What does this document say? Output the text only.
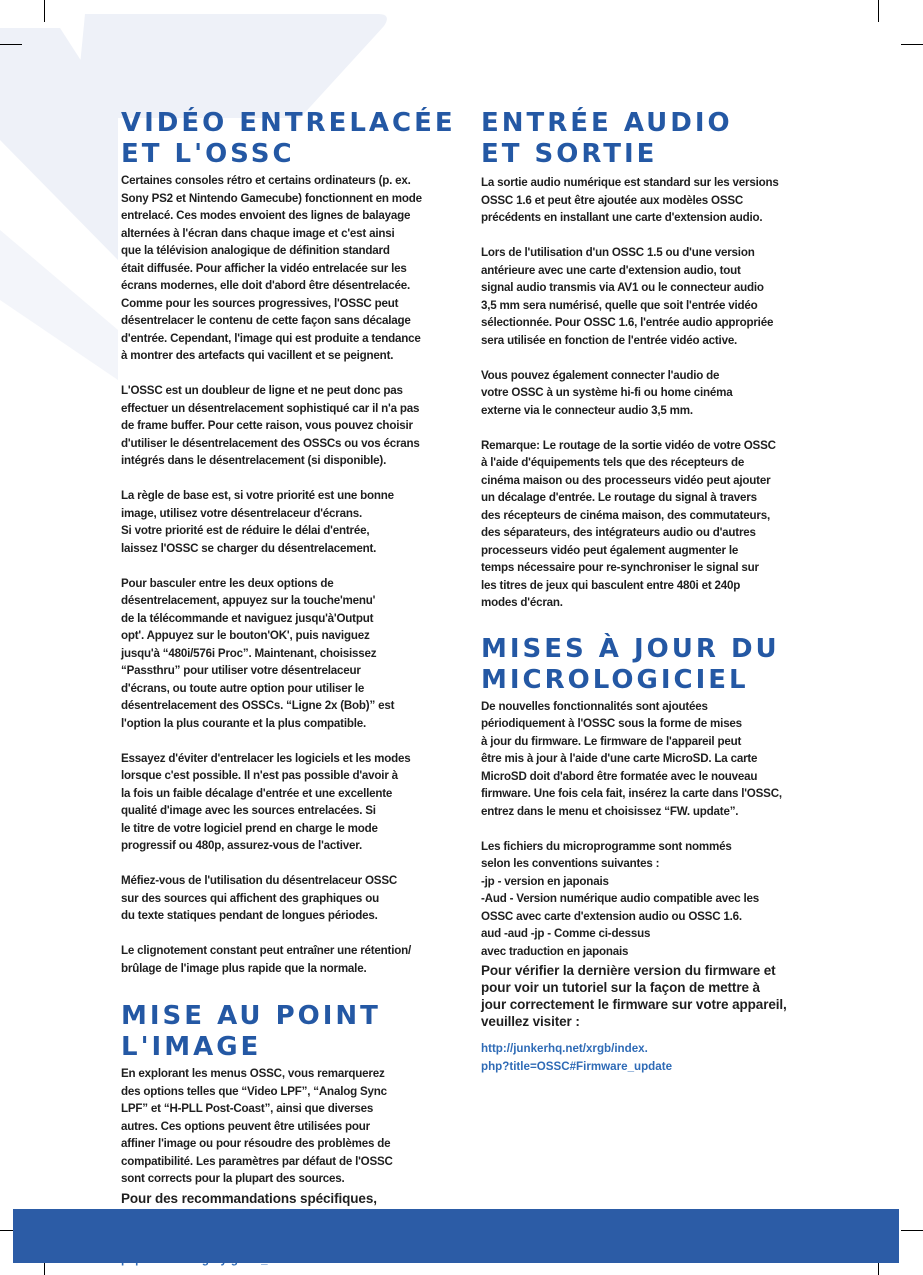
VIDÉO ENTRELACÉE
ET L'OSSC

Certaines consoles rétro et certains ordinateurs (p. ex.
Sony PS2 et Nintendo Gamecube) fonctionnent en mode
entrelacé. Ces modes envoient des lignes de balayage
alternées à l'écran dans chaque image et c'est ainsi
que la télévision analogique de définition standard
était diffusée. Pour afficher la vidéo entrelacée sur les
écrans modernes, elle doit d'abord être désentrelacée.
Comme pour les sources progressives, l'OSSC peut
désentrelacer le contenu de cette façon sans décalage
d'entrée. Cependant, l'image qui est produite a tendance
à montrer des artefacts qui vacillent et se peignent.

L'OSSC est un doubleur de ligne et ne peut donc pas
effectuer un désentrelacement sophistiqué car il n'a pas
de frame buffer. Pour cette raison, vous pouvez choisir
d'utiliser le désentrelacement des OSSCs ou vos écrans
intégrés dans le désentrelacement (si disponible).

La règle de base est, si votre priorité est une bonne
image, utilisez votre désentrelaceur d'écrans.
Si votre priorité est de réduire le délai d'entrée,
laissez l'OSSC se charger du désentrelacement.

Pour basculer entre les deux options de
désentrelacement, appuyez sur la touche'menu'
de la télécommande et naviguez jusqu'à'Output
opt'. Appuyez sur le bouton'OK', puis naviguez
jusqu'à “480i/576i Proc”. Maintenant, choisissez
“Passthru” pour utiliser votre désentrelaceur
d'écrans, ou toute autre option pour utiliser le
désentrelacement des OSSCs. “Ligne 2x (Bob)” est
l'option la plus courante et la plus compatible.

Essayez d'éviter d'entrelacer les logiciels et les modes
lorsque c'est possible. Il n'est pas possible d'avoir à
la fois un faible décalage d'entrée et une excellente
qualité d'image avec les sources entrelacées. Si
le titre de votre logiciel prend en charge le mode
progressif ou 480p, assurez-vous de l'activer.

Méfiez-vous de l'utilisation du désentrelaceur OSSC
sur des sources qui affichent des graphiques ou
du texte statiques pendant de longues périodes.

Le clignotement constant peut entraîner une rétention/
brûlage de l'image plus rapide que la normale.

MISE AU POINT
L'IMAGE

En explorant les menus OSSC, vous remarquerez
des options telles que “Video LPF”, “Analog Sync
LPF” et “H-PLL Post-Coast”, ainsi que diverses
autres. Ces options peuvent être utilisées pour
affiner l'image ou pour résoudre des problèmes de
compatibilité. Les paramètres par défaut de l'OSSC
sont corrects pour la plupart des sources.

Pour des recommandations spécifiques,

ENTRÉE AUDIO
ET SORTIE

La sortie audio numérique est standard sur les versions
OSSC 1.6 et peut être ajoutée aux modèles OSSC
précédents en installant une carte d'extension audio.

Lors de l'utilisation d'un OSSC 1.5 ou d'une version
antérieure avec une carte d'extension audio, tout
signal audio transmis via AV1 ou le connecteur audio
3,5 mm sera numérisé, quelle que soit l'entrée vidéo
sélectionnée. Pour OSSC 1.6, l'entrée audio appropriée
sera utilisée en fonction de l'entrée vidéo active.

Vous pouvez également connecter l'audio de
votre OSSC à un système hi-fi ou home cinéma
externe via le connecteur audio 3,5 mm.

Remarque: Le routage de la sortie vidéo de votre OSSC
à l'aide d'équipements tels que des récepteurs de
cinéma maison ou des processeurs vidéo peut ajouter
un décalage d'entrée. Le routage du signal à travers
des récepteurs de cinéma maison, des commutateurs,
des séparateurs, des intégrateurs audio ou d'autres
processeurs vidéo peut également augmenter le
temps nécessaire pour re-synchroniser le signal sur
les titres de jeux qui basculent entre 480i et 240p
modes d'écran.

MISES À JOUR DU
MICROLOGICIEL

De nouvelles fonctionnalités sont ajoutées
périodiquement à l'OSSC sous la forme de mises
à jour du firmware. Le firmware de l'appareil peut
être mis à jour à l'aide d'une carte MicroSD. La carte
MicroSD doit d'abord être formatée avec le nouveau
firmware. Une fois cela fait, insérez la carte dans l'OSSC,
entrez dans le menu et choisissez “FW. update”.

Les fichiers du microprogramme sont nommés
selon les conventions suivantes :
-jp - version en japonais
-Aud - Version numérique audio compatible avec les
OSSC avec carte d'extension audio ou OSSC 1.6.
aud -aud -jp - Comme ci-dessus
avec traduction en japonais

Pour vérifier la dernière version du firmware et
pour voir un tutoriel sur la façon de mettre à
jour correctement le firmware sur votre appareil,
veuillez visiter :

http://junkerhq.net/xrgb/index.
php?title=OSSC#Firmware_update
